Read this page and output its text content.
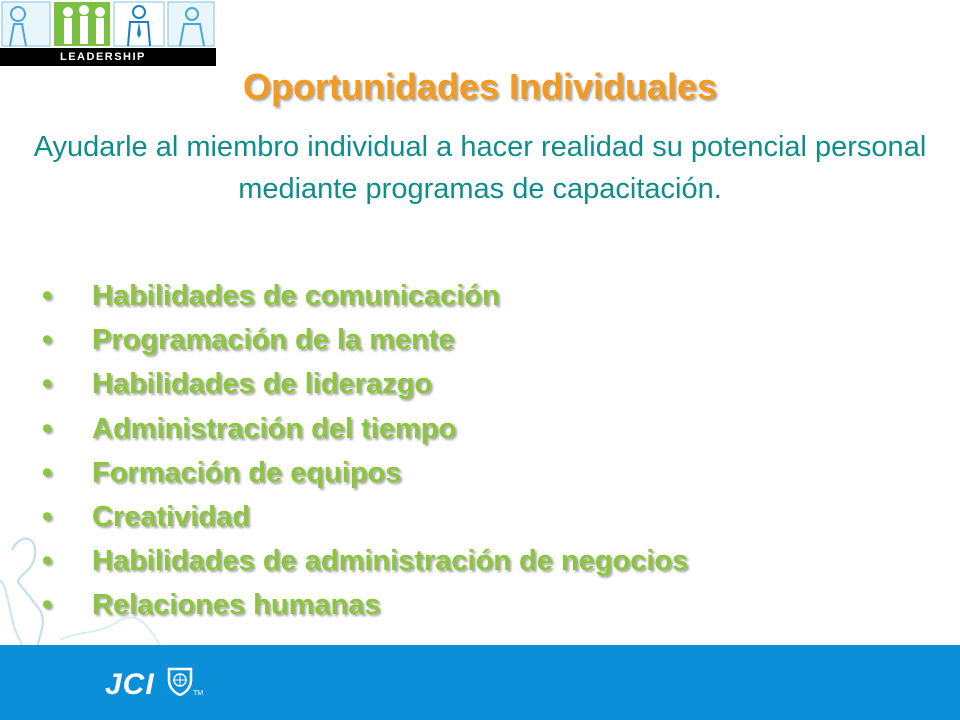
LEADERSHIP
Oportunidades Individuales

Ayudarle al miembro individual a hacer realidad su potencial personal mediante programas de capacitación.

• Habilidades de comunicación
• Programación de la mente
• Habilidades de liderazgo
• Administración del tiempo
• Formación de equipos
• Creatividad
• Habilidades de administración de negocios
• Relaciones humanas
JCI	TM
